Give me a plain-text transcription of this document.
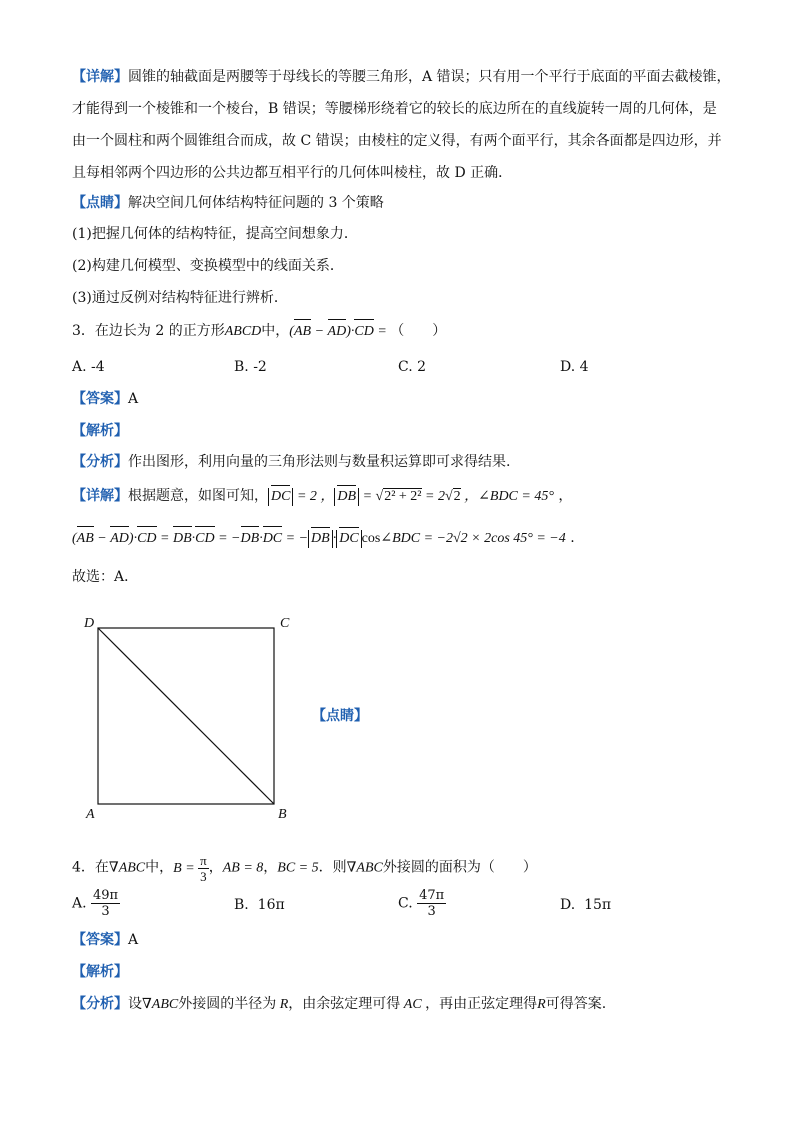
【详解】圆锥的轴截面是两腰等于母线长的等腰三角形，A 错误；只有用一个平行于底面的平面去截棱锥，
才能得到一个棱锥和一个棱台，B 错误；等腰梯形绕着它的较长的底边所在的直线旋转一周的几何体，是
由一个圆柱和两个圆锥组合而成，故 C 错误；由棱柱的定义得，有两个面平行，其余各面都是四边形，并
且每相邻两个四边形的公共边都互相平行的几何体叫棱柱，故 D 正确．
【点睛】解决空间几何体结构特征问题的 3 个策略
(1)把握几何体的结构特征，提高空间想象力．
(2)构建几何模型、变换模型中的线面关系．
(3)通过反例对结构特征进行辨析．
3．在边长为 2 的正方形ABCD中，(AB − AD)·CD = （　　）
A. -4	B. -2	C. 2	D. 4
【答案】A
【解析】
【分析】作出图形，利用向量的三角形法则与数量积运算即可求得结果.
【详解】根据题意，如图可知， DC = 2 ， DB = √2² + 2² = 2√2 ，∠BDC = 45° ，
(AB − AD)·CD = DB·CD = −DB·DC = − DB · DC cos∠BDC = −2√2 × 2cos 45° = −4 .
故选：A．
D	C
A	B
【点睛】
4．在∇ABC中，$B = \frac{\pi}{3}$ ，AB = 8，BC = 5．则∇ABC外接圆的面积为（　　）
A. $\frac{49\pi}{3}$	B. 16π	C. $\frac{47\pi}{3}$	D. 15π
【答案】A
【解析】
【分析】设∇ABC外接圆的半径为 R，由余弦定理可得 AC ，再由正弦定理得R可得答案.
